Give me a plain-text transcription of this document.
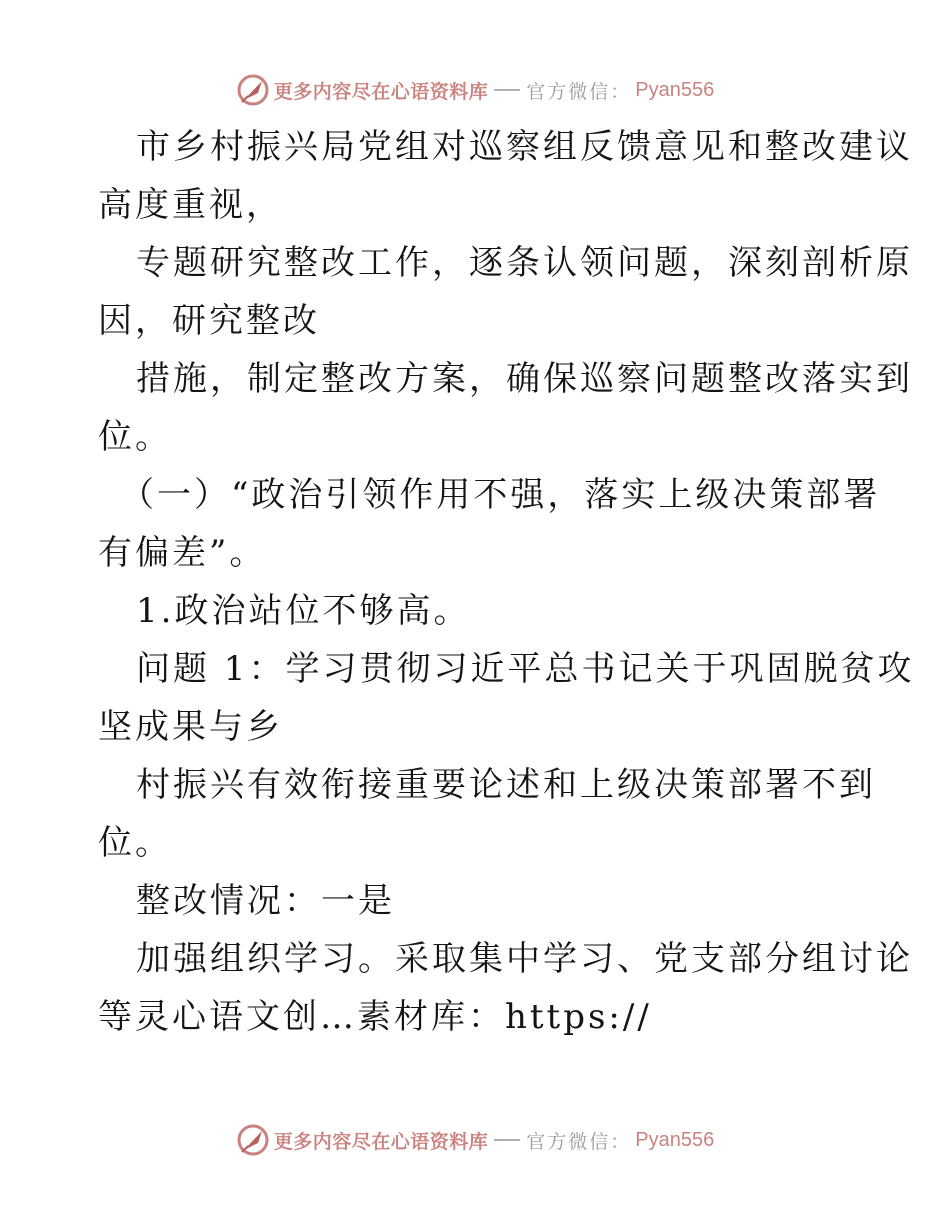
更多内容尽在心语资料库 官方微信： Pyan556
市乡村振兴局党组对巡察组反馈意见和整改建议
高度重视，
专题研究整改工作，逐条认领问题，深刻剖析原
因，研究整改
措施，制定整改方案，确保巡察问题整改落实到
位。
（一）“政治引领作用不强，落实上级决策部署
有偏差”。
1.政治站位不够高。
问题 1：学习贯彻习近平总书记关于巩固脱贫攻
坚成果与乡
村振兴有效衔接重要论述和上级决策部署不到
位。
整改情况：一是
加强组织学习。采取集中学习、党支部分组讨论
等灵心语文创…素材库：https://
更多内容尽在心语资料库 官方微信： Pyan556
